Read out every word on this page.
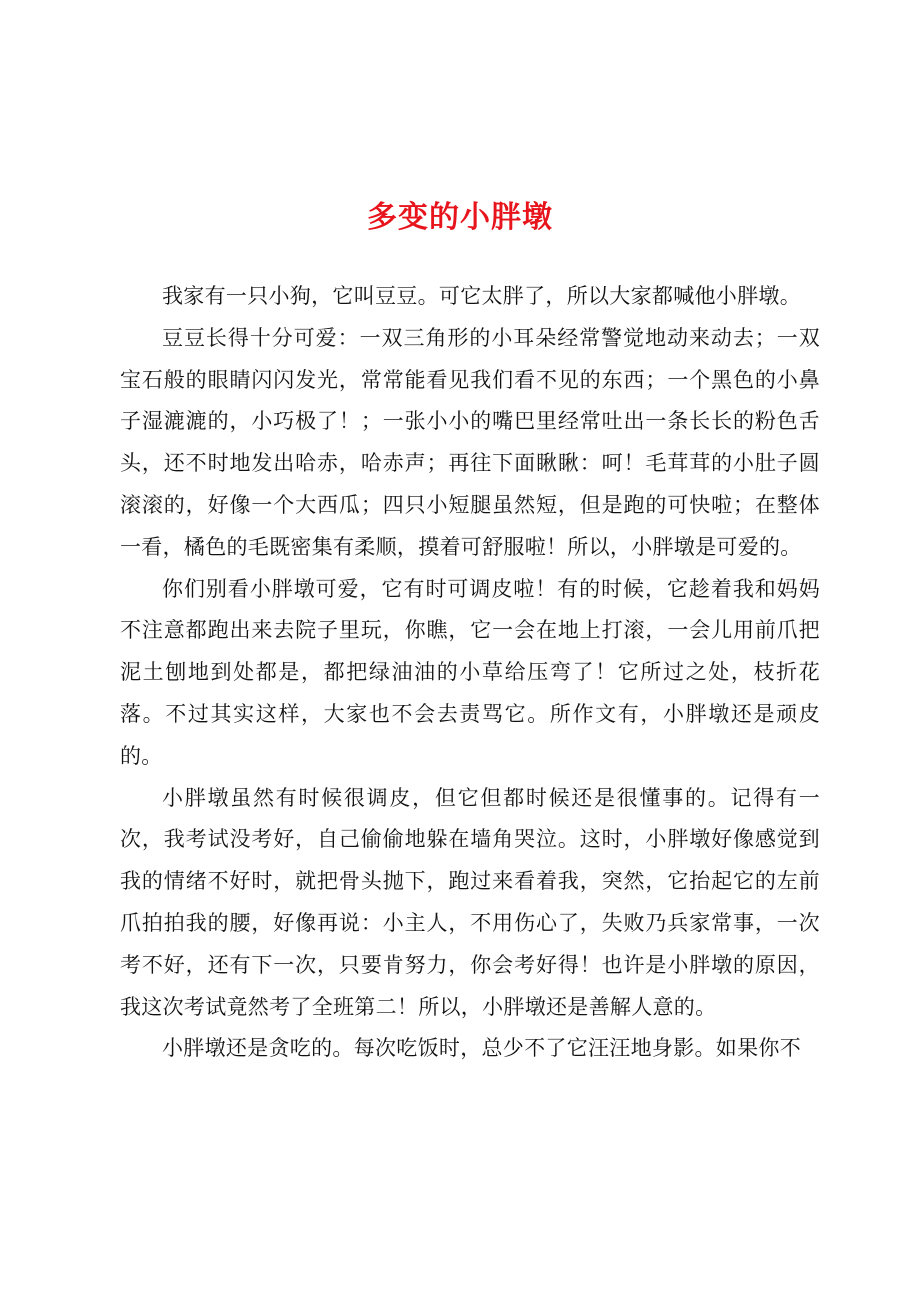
多变的小胖墩

我家有一只小狗，它叫豆豆。可它太胖了，所以大家都喊他小胖墩。

豆豆长得十分可爱：一双三角形的小耳朵经常警觉地动来动去；一双宝石般的眼睛闪闪发光，常常能看见我们看不见的东西；一个黑色的小鼻子湿漉漉的，小巧极了！；一张小小的嘴巴里经常吐出一条长长的粉色舌头，还不时地发出哈赤，哈赤声；再往下面瞅瞅：呵！毛茸茸的小肚子圆滚滚的，好像一个大西瓜；四只小短腿虽然短，但是跑的可快啦；在整体一看，橘色的毛既密集有柔顺，摸着可舒服啦！所以，小胖墩是可爱的。

你们别看小胖墩可爱，它有时可调皮啦！有的时候，它趁着我和妈妈不注意都跑出来去院子里玩，你瞧，它一会在地上打滚，一会儿用前爪把泥土刨地到处都是，都把绿油油的小草给压弯了！它所过之处，枝折花落。不过其实这样，大家也不会去责骂它。所作文有，小胖墩还是顽皮的。

小胖墩虽然有时候很调皮，但它但都时候还是很懂事的。记得有一次，我考试没考好，自己偷偷地躲在墙角哭泣。这时，小胖墩好像感觉到我的情绪不好时，就把骨头抛下，跑过来看着我，突然，它抬起它的左前爪拍拍我的腰，好像再说：小主人，不用伤心了，失败乃兵家常事，一次考不好，还有下一次，只要肯努力，你会考好得！也许是小胖墩的原因，我这次考试竟然考了全班第二！所以，小胖墩还是善解人意的。

小胖墩还是贪吃的。每次吃饭时，总少不了它汪汪地身影。如果你不
